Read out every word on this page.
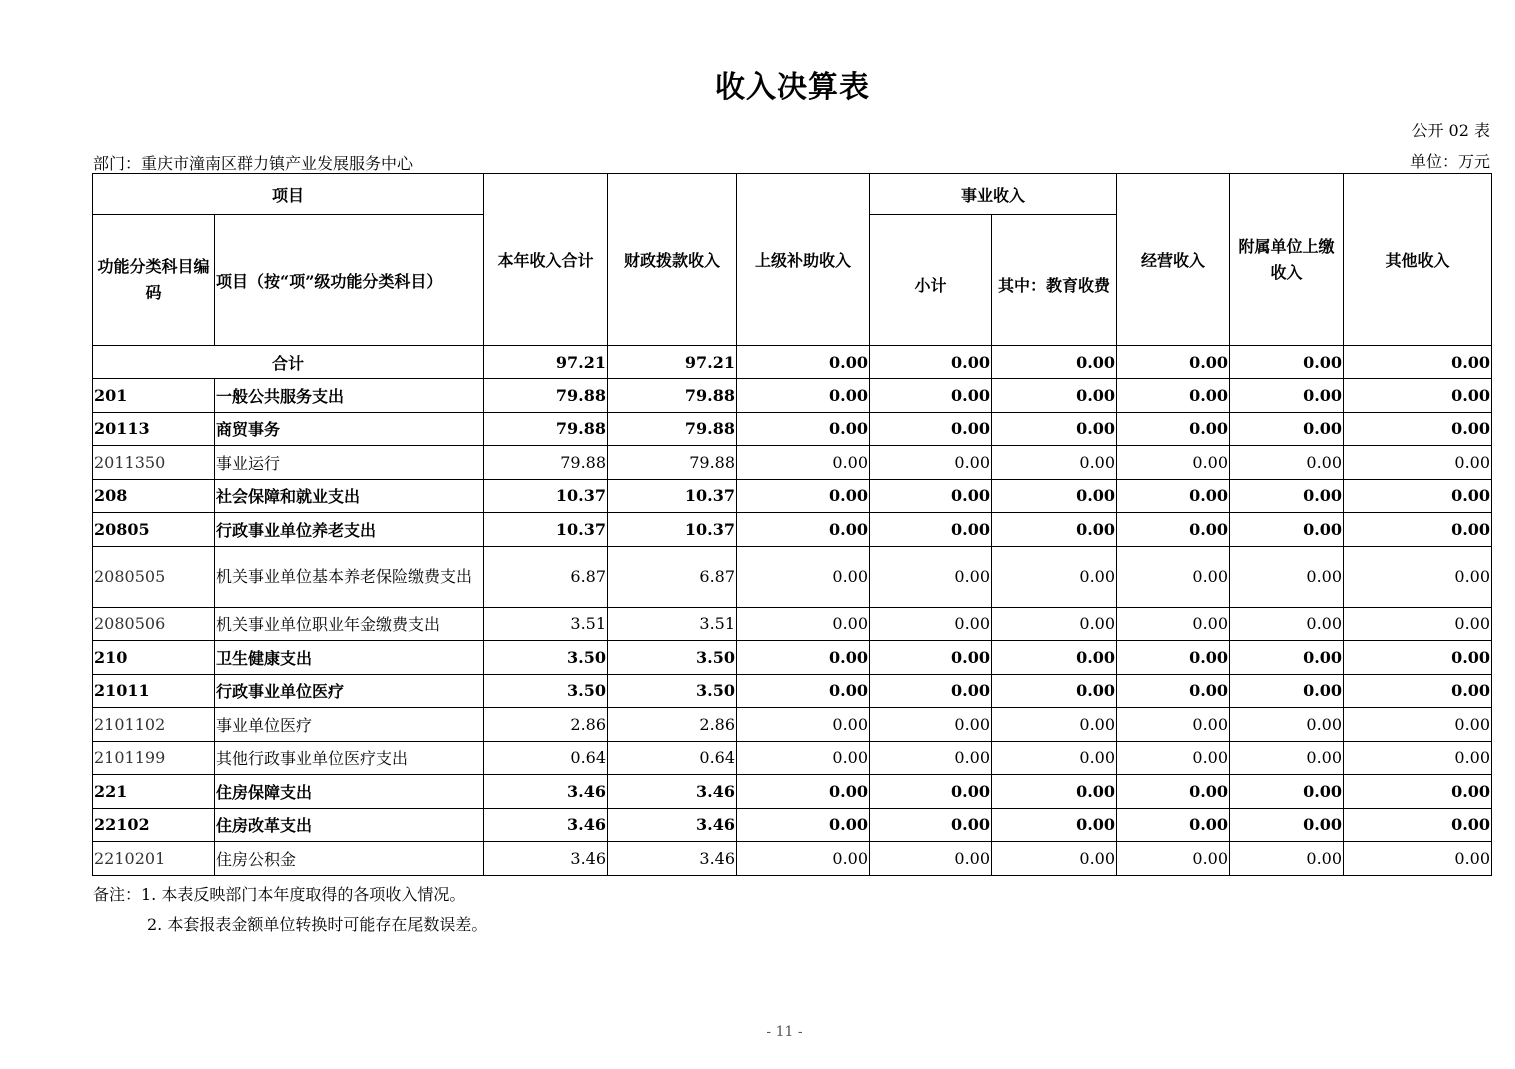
收入决算表
公开 02 表
部门：重庆市潼南区群力镇产业发展服务中心	单位：万元
项目		本年收入合计	财政拨款收入	上级补助收入	事业收入		经营收入	附属单位上缴收入	其他收入
功能分类科目编码	项目（按“项”级功能分类科目）				小计	其中：教育收费			
合计		97.21	97.21	0.00	0.00	0.00	0.00	0.00	0.00
201	一般公共服务支出	79.88	79.88	0.00	0.00	0.00	0.00	0.00	0.00
20113	商贸事务	79.88	79.88	0.00	0.00	0.00	0.00	0.00	0.00
2011350	事业运行	79.88	79.88	0.00	0.00	0.00	0.00	0.00	0.00
208	社会保障和就业支出	10.37	10.37	0.00	0.00	0.00	0.00	0.00	0.00
20805	行政事业单位养老支出	10.37	10.37	0.00	0.00	0.00	0.00	0.00	0.00
2080505	机关事业单位基本养老保险缴费支出	6.87	6.87	0.00	0.00	0.00	0.00	0.00	0.00
2080506	机关事业单位职业年金缴费支出	3.51	3.51	0.00	0.00	0.00	0.00	0.00	0.00
210	卫生健康支出	3.50	3.50	0.00	0.00	0.00	0.00	0.00	0.00
21011	行政事业单位医疗	3.50	3.50	0.00	0.00	0.00	0.00	0.00	0.00
2101102	事业单位医疗	2.86	2.86	0.00	0.00	0.00	0.00	0.00	0.00
2101199	其他行政事业单位医疗支出	0.64	0.64	0.00	0.00	0.00	0.00	0.00	0.00
221	住房保障支出	3.46	3.46	0.00	0.00	0.00	0.00	0.00	0.00
22102	住房改革支出	3.46	3.46	0.00	0.00	0.00	0.00	0.00	0.00
2210201	住房公积金	3.46	3.46	0.00	0.00	0.00	0.00	0.00	0.00
备注：1. 本表反映部门本年度取得的各项收入情况。
2. 本套报表金额单位转换时可能存在尾数误差。
- 11 -
